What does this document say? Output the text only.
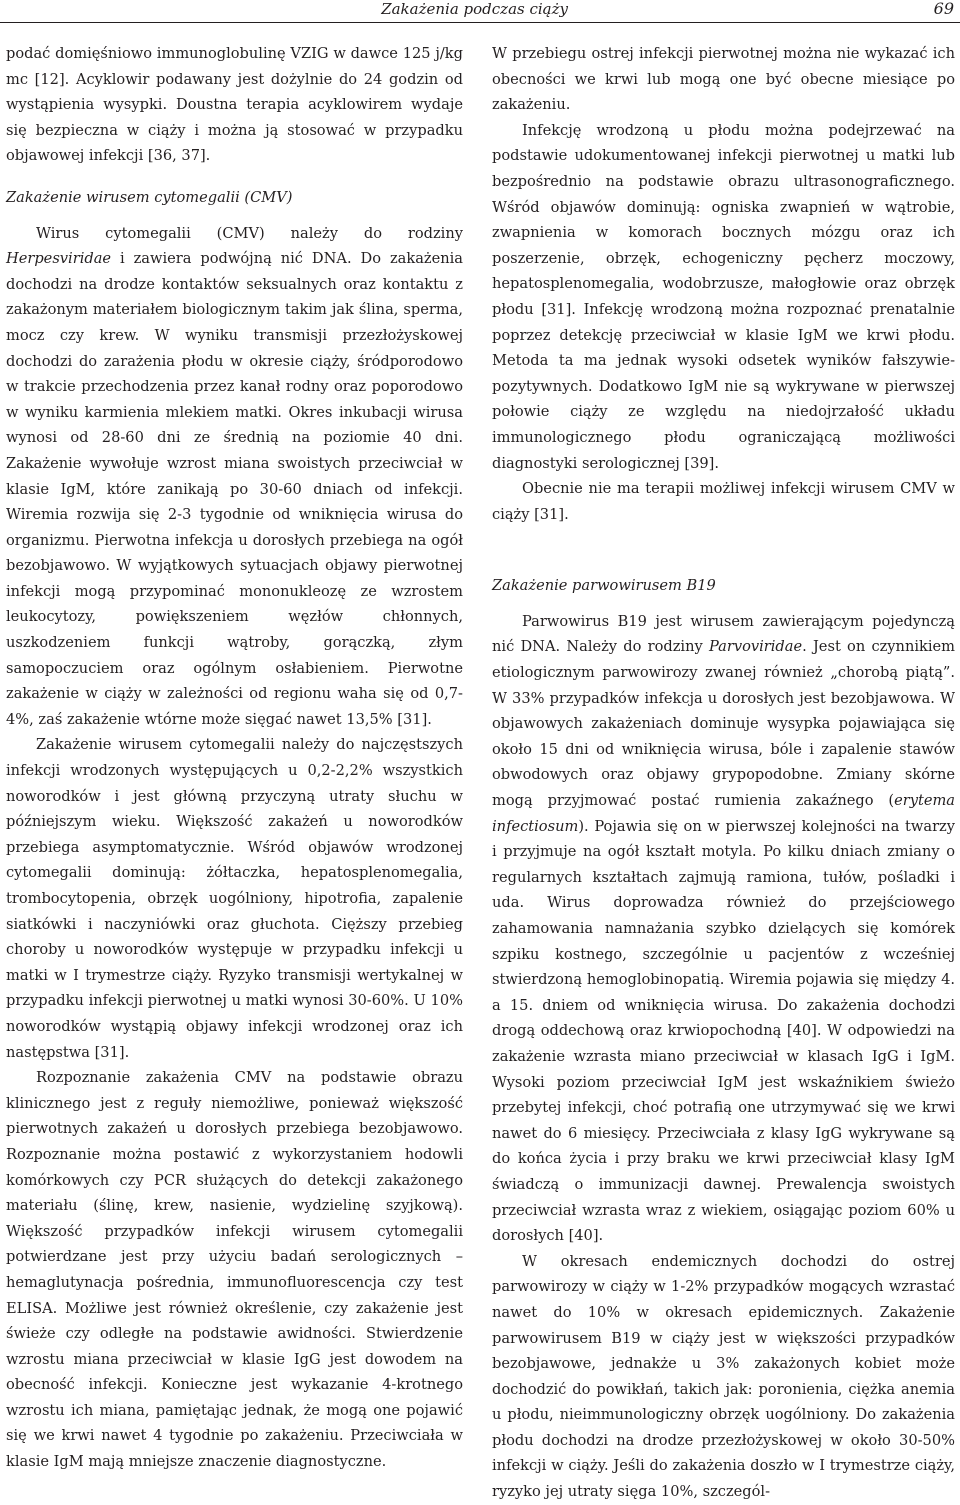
Zakażenia podczas ciąży	69

podać domięśniowo immunoglobulinę VZIG w dawce 125 j/kg mc [12]. Acyklowir podawany jest dożylnie do 24 godzin od wystąpienia wysypki. Doustna terapia acyklowirem wydaje się bezpieczna w ciąży i można ją stosować w przypadku objawowej infekcji [36, 37].

Zakażenie wirusem cytomegalii (CMV)

Wirus cytomegalii (CMV) należy do rodziny Herpesviridae i zawiera podwójną nić DNA. Do zakażenia dochodzi na drodze kontaktów seksualnych oraz kontaktu z zakażonym materiałem biologicznym takim jak ślina, sperma, mocz czy krew. W wyniku transmisji przezłożyskowej dochodzi do zarażenia płodu w okresie ciąży, śródporodowo w trakcie przechodzenia przez kanał rodny oraz poporodowo w wyniku karmienia mlekiem matki. Okres inkubacji wirusa wynosi od 28-60 dni ze średnią na poziomie 40 dni. Zakażenie wywołuje wzrost miana swoistych przeciwciał w klasie IgM, które zanikają po 30-60 dniach od infekcji. Wiremia rozwija się 2-3 tygodnie od wniknięcia wirusa do organizmu. Pierwotna infekcja u dorosłych przebiega na ogół bezobjawowo. W wyjątkowych sytuacjach objawy pierwotnej infekcji mogą przypominać mononukleozę ze wzrostem leukocytozy, powiększeniem węzłów chłonnych, uszkodzeniem funkcji wątroby, gorączką, złym samopoczuciem oraz ogólnym osłabieniem. Pierwotne zakażenie w ciąży w zależności od regionu waha się od 0,7-4%, zaś zakażenie wtórne może sięgać nawet 13,5% [31].

Zakażenie wirusem cytomegalii należy do najczęstszych infekcji wrodzonych występujących u 0,2-2,2% wszystkich noworodków i jest główną przyczyną utraty słuchu w późniejszym wieku. Większość zakażeń u noworodków przebiega asymptomatycznie. Wśród objawów wrodzonej cytomegalii dominują: żółtaczka, hepatosplenomegalia, trombocytopenia, obrzęk uogólniony, hipotrofia, zapalenie siatkówki i naczyniówki oraz głuchota. Cięższy przebieg choroby u noworodków występuje w przypadku infekcji u matki w I trymestrze ciąży. Ryzyko transmisji wertykalnej w przypadku infekcji pierwotnej u matki wynosi 30-60%. U 10% noworodków wystąpią objawy infekcji wrodzonej oraz ich następstwa [31].

Rozpoznanie zakażenia CMV na podstawie obrazu klinicznego jest z reguły niemożliwe, ponieważ większość pierwotnych zakażeń u dorosłych przebiega bezobjawowo. Rozpoznanie można postawić z wykorzystaniem hodowli komórkowych czy PCR służących do detekcji zakażonego materiału (ślinę, krew, nasienie, wydzielinę szyjkową). Większość przypadków infekcji wirusem cytomegalii potwierdzane jest przy użyciu badań serologicznych – hemaglutynacja pośrednia, immunofluorescencja czy test ELISA. Możliwe jest również określenie, czy zakażenie jest świeże czy odległe na podstawie awidności. Stwierdzenie wzrostu miana przeciwciał w klasie IgG jest dowodem na obecność infekcji. Konieczne jest wykazanie 4-krotnego wzrostu ich miana, pamiętając jednak, że mogą one pojawić się we krwi nawet 4 tygodnie po zakażeniu. Przeciwciała w klasie IgM mają mniejsze znaczenie diagnostyczne.

W przebiegu ostrej infekcji pierwotnej można nie wykazać ich obecności we krwi lub mogą one być obecne miesiące po zakażeniu.

Infekcję wrodzoną u płodu można podejrzewać na podstawie udokumentowanej infekcji pierwotnej u matki lub bezpośrednio na podstawie obrazu ultrasonograficznego. Wśród objawów dominują: ogniska zwapnień w wątrobie, zwapnienia w komorach bocznych mózgu oraz ich poszerzenie, obrzęk, echogeniczny pęcherz moczowy, hepatosplenomegalia, wodobrzusze, małogłowie oraz obrzęk płodu [31]. Infekcję wrodzoną można rozpoznać prenatalnie poprzez detekcję przeciwciał w klasie IgM we krwi płodu. Metoda ta ma jednak wysoki odsetek wyników fałszywie-pozytywnych. Dodatkowo IgM nie są wykrywane w pierwszej połowie ciąży ze względu na niedojrzałość układu immunologicznego płodu ograniczającą możliwości diagnostyki serologicznej [39].

Obecnie nie ma terapii możliwej infekcji wirusem CMV w ciąży [31].

Zakażenie parwowirusem B19

Parwowirus B19 jest wirusem zawierającym pojedynczą nić DNA. Należy do rodziny Parvoviridae. Jest on czynnikiem etiologicznym parwowirozy zwanej również „chorobą piątą”. W 33% przypadków infekcja u dorosłych jest bezobjawowa. W objawowych zakażeniach dominuje wysypka pojawiająca się około 15 dni od wniknięcia wirusa, bóle i zapalenie stawów obwodowych oraz objawy grypopodobne. Zmiany skórne mogą przyjmować postać rumienia zakaźnego (erytema infectiosum). Pojawia się on w pierwszej kolejności na twarzy i przyjmuje na ogół kształt motyla. Po kilku dniach zmiany o regularnych kształtach zajmują ramiona, tułów, pośladki i uda. Wirus doprowadza również do przejściowego zahamowania namnażania szybko dzielących się komórek szpiku kostnego, szczególnie u pacjentów z wcześniej stwierdzoną hemoglobinopatią. Wiremia pojawia się między 4. a 15. dniem od wniknięcia wirusa. Do zakażenia dochodzi drogą oddechową oraz krwiopochodną [40]. W odpowiedzi na zakażenie wzrasta miano przeciwciał w klasach IgG i IgM. Wysoki poziom przeciwciał IgM jest wskaźnikiem świeżo przebytej infekcji, choć potrafią one utrzymywać się we krwi nawet do 6 miesięcy. Przeciwciała z klasy IgG wykrywane są do końca życia i przy braku we krwi przeciwciał klasy IgM świadczą o immunizacji dawnej. Prewalencja swoistych przeciwciał wzrasta wraz z wiekiem, osiągając poziom 60% u dorosłych [40].

W okresach endemicznych dochodzi do ostrej parwowirozy w ciąży w 1-2% przypadków mogących wzrastać nawet do 10% w okresach epidemicznych. Zakażenie parwowirusem B19 w ciąży jest w większości przypadków bezobjawowe, jednakże u 3% zakażonych kobiet może dochodzić do powikłań, takich jak: poronienia, ciężka anemia u płodu, nieimmunologiczny obrzęk uogólniony. Do zakażenia płodu dochodzi na drodze przezłożyskowej w około 30-50% infekcji w ciąży. Jeśli do zakażenia doszło w I trymestrze ciąży, ryzyko jej utraty sięga 10%, szczegól-
